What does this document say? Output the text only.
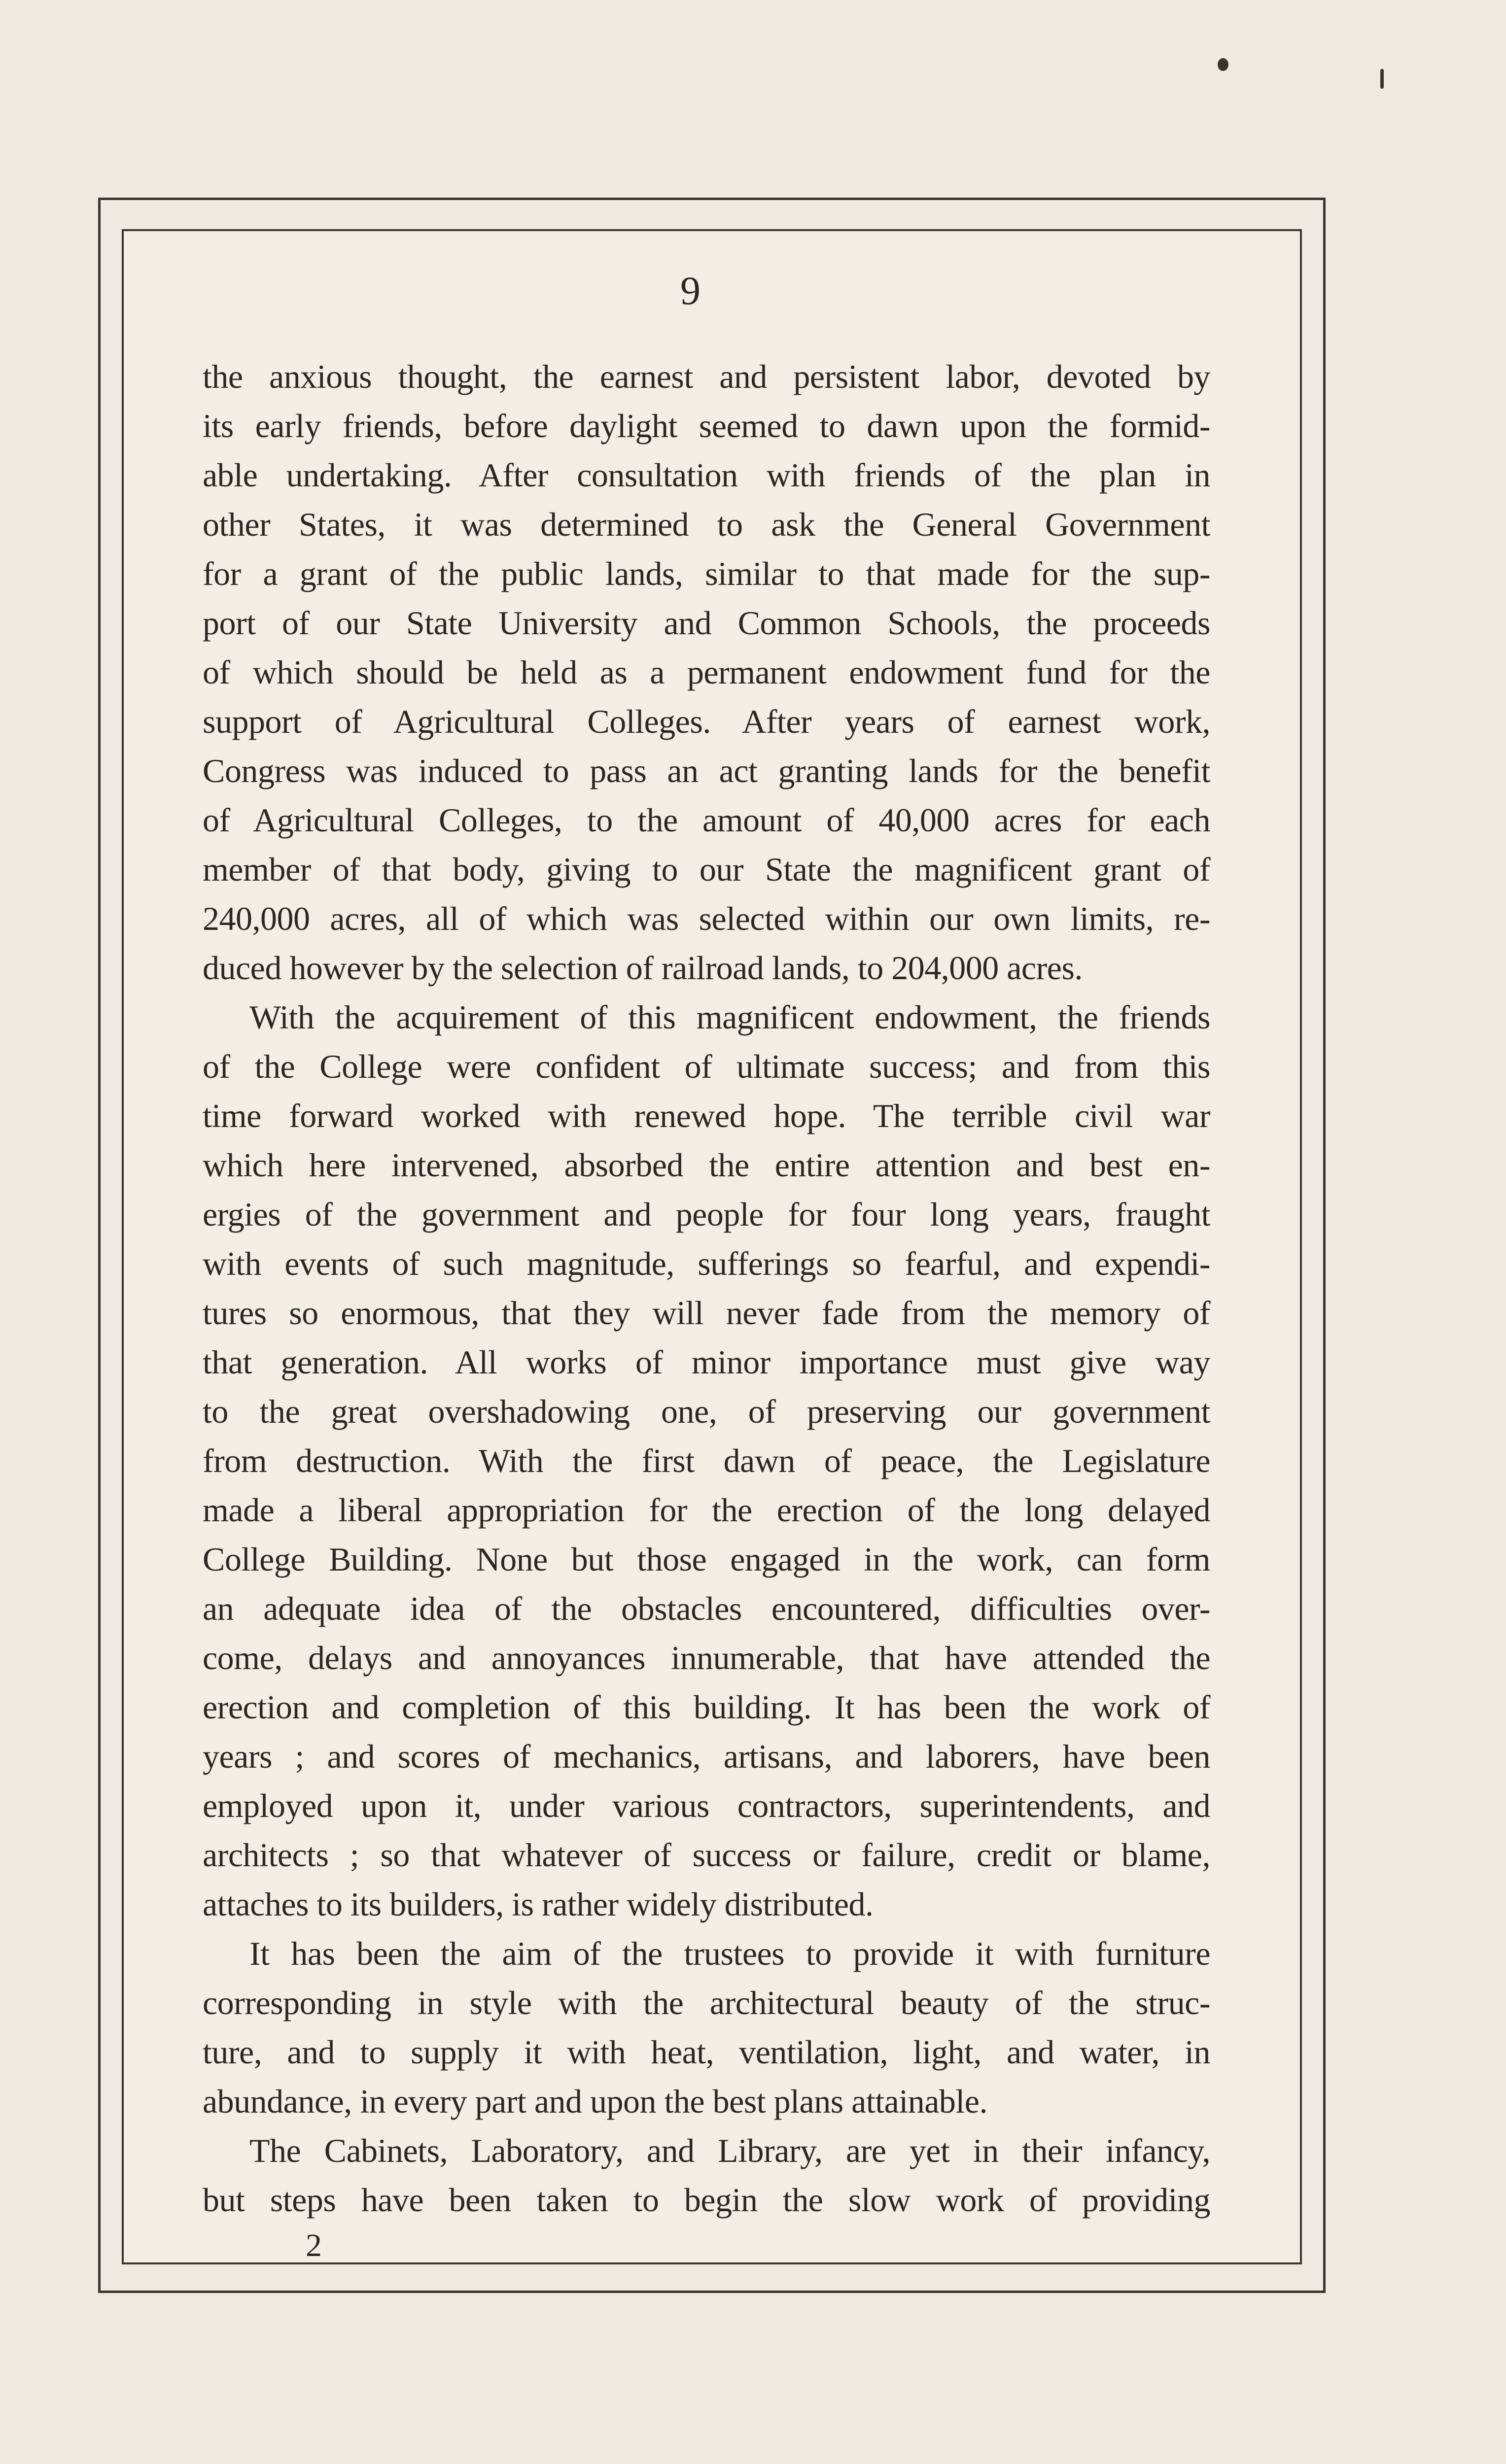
9
the anxious thought, the earnest and persistent labor, devoted by
its early friends, before daylight seemed to dawn upon the formid-
able undertaking. After consultation with friends of the plan in
other States, it was determined to ask the General Government
for a grant of the public lands, similar to that made for the sup-
port of our State University and Common Schools, the proceeds
of which should be held as a permanent endowment fund for the
support of Agricultural Colleges. After years of earnest work,
Congress was induced to pass an act granting lands for the benefit
of Agricultural Colleges, to the amount of 40,000 acres for each
member of that body, giving to our State the magnificent grant of
240,000 acres, all of which was selected within our own limits, re-
duced however by the selection of railroad lands, to 204,000 acres.
With the acquirement of this magnificent endowment, the friends
of the College were confident of ultimate success; and from this
time forward worked with renewed hope. The terrible civil war
which here intervened, absorbed the entire attention and best en-
ergies of the government and people for four long years, fraught
with events of such magnitude, sufferings so fearful, and expendi-
tures so enormous, that they will never fade from the memory of
that generation. All works of minor importance must give way
to the great overshadowing one, of preserving our government
from destruction. With the first dawn of peace, the Legislature
made a liberal appropriation for the erection of the long delayed
College Building. None but those engaged in the work, can form
an adequate idea of the obstacles encountered, difficulties over-
come, delays and annoyances innumerable, that have attended the
erection and completion of this building. It has been the work of
years ; and scores of mechanics, artisans, and laborers, have been
employed upon it, under various contractors, superintendents, and
architects ; so that whatever of success or failure, credit or blame,
attaches to its builders, is rather widely distributed.
It has been the aim of the trustees to provide it with furniture
corresponding in style with the architectural beauty of the struc-
ture, and to supply it with heat, ventilation, light, and water, in
abundance, in every part and upon the best plans attainable.
The Cabinets, Laboratory, and Library, are yet in their infancy,
but steps have been taken to begin the slow work of providing
2
